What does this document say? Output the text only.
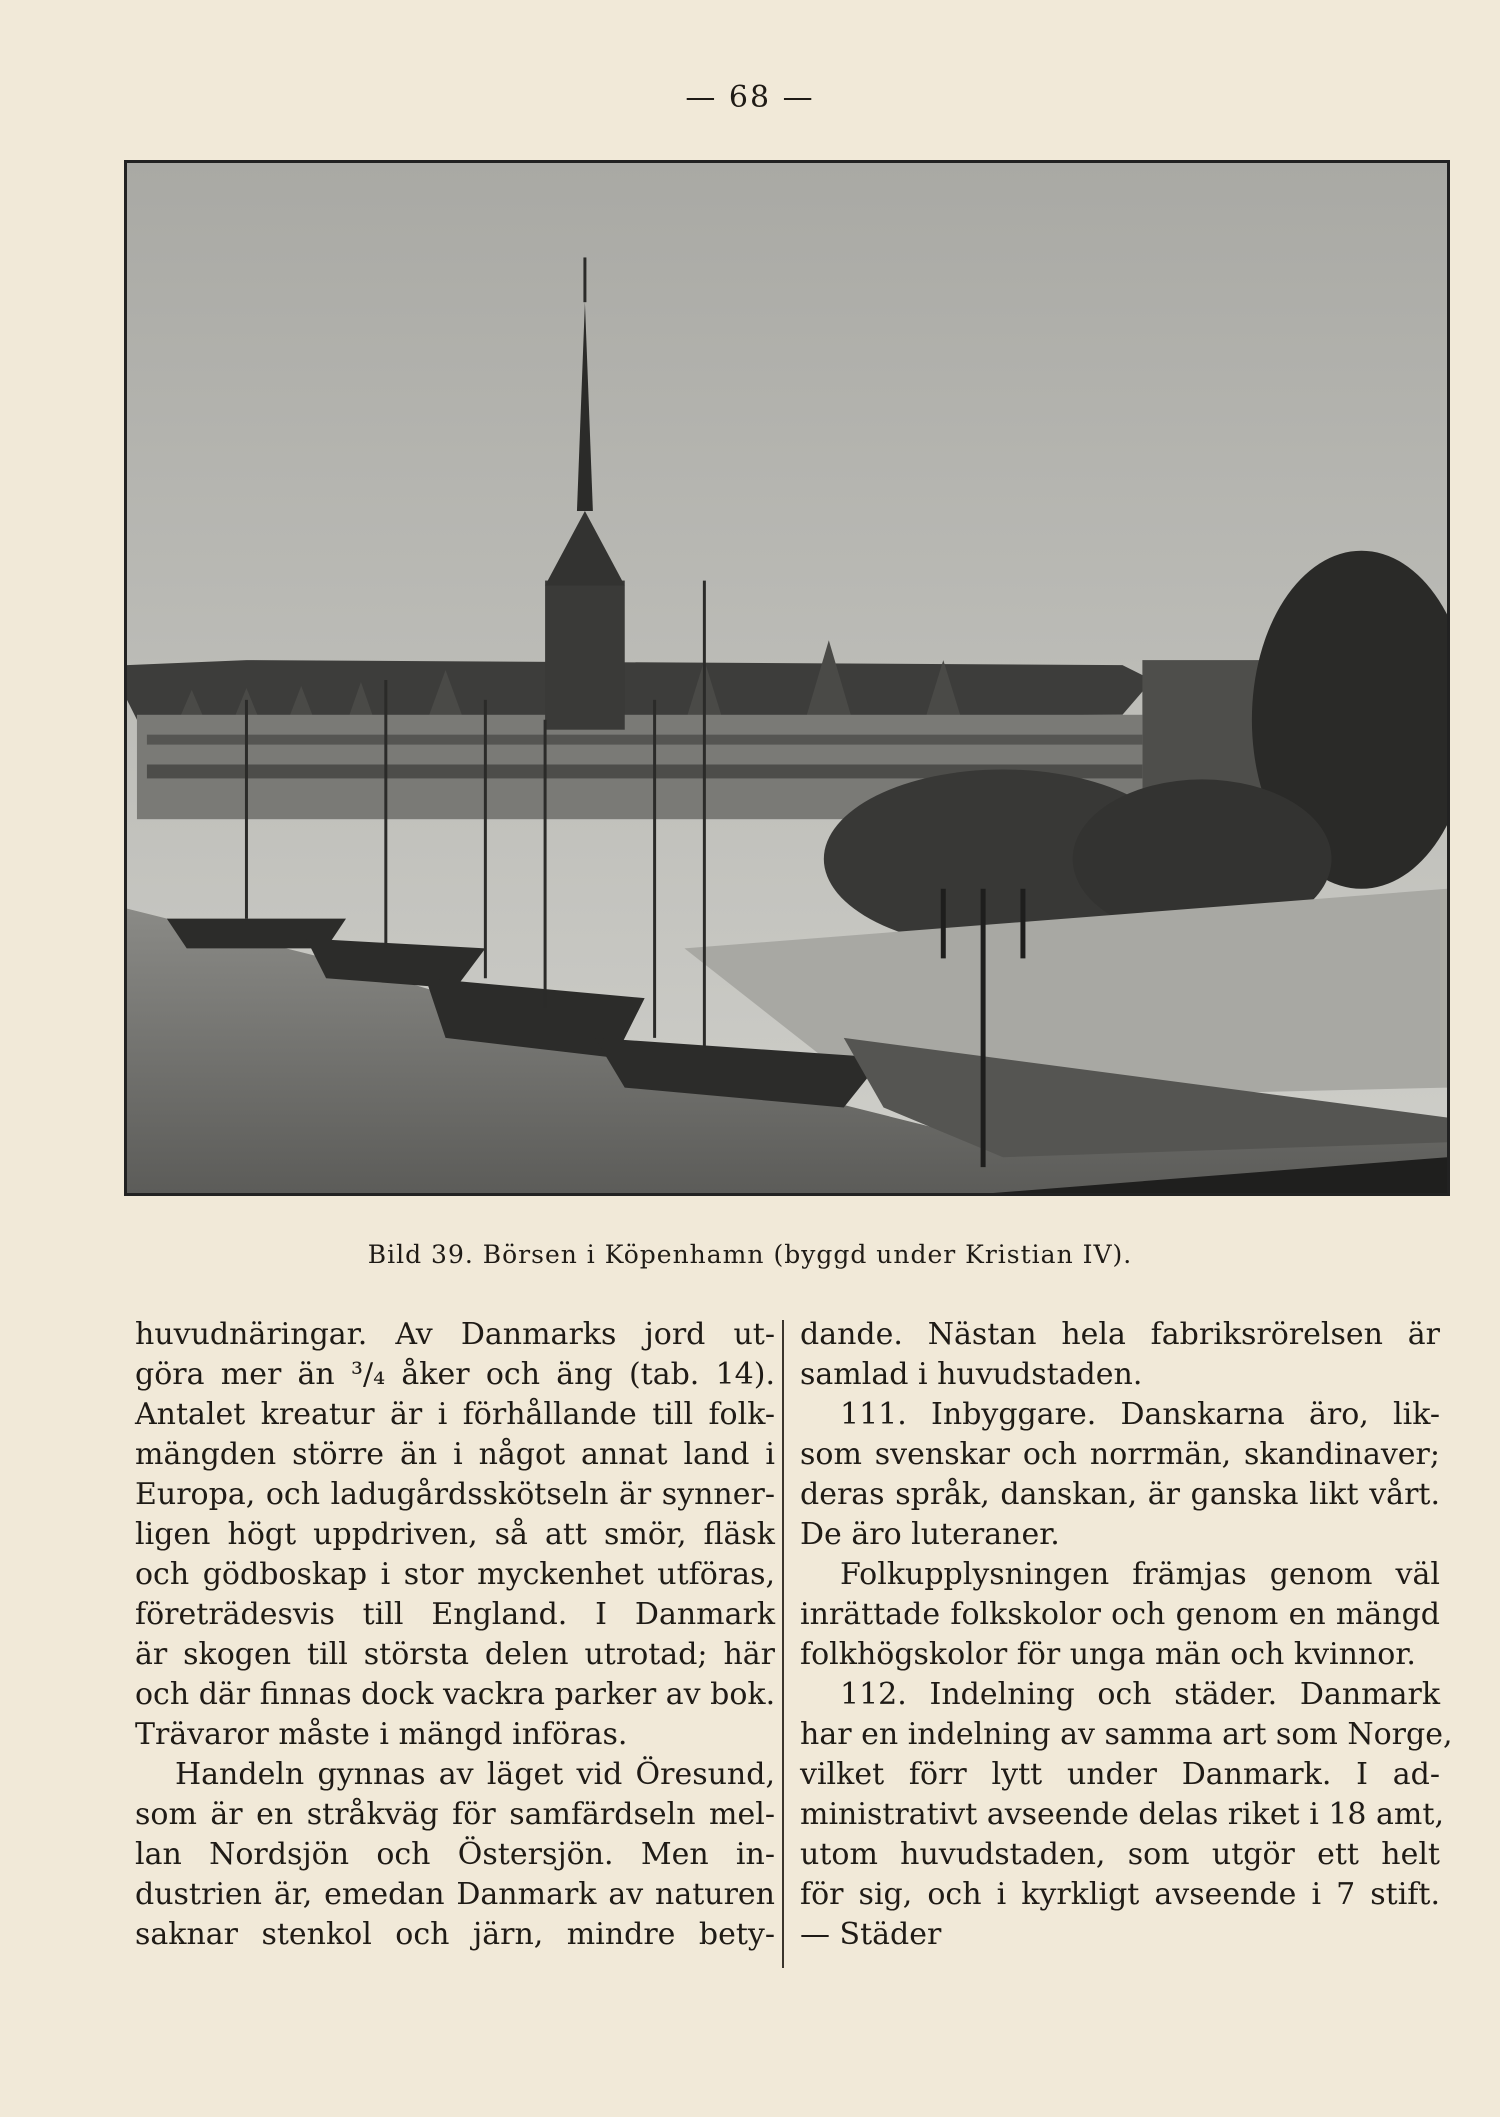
— 68 —
Bild 39. Börsen i Köpenhamn (byggd under Kristian IV).
huvudnäringar. Av Danmarks jord ut-
göra mer än ³/₄ åker och äng (tab. 14).
Antalet kreatur är i förhållande till folk-
mängden större än i något annat land i
Europa, och ladugårdsskötseln är synner-
ligen högt uppdriven, så att smör, fläsk
och gödboskap i stor myckenhet utföras,
företrädesvis till England. I Danmark
är skogen till största delen utrotad; här
och där finnas dock vackra parker av bok.
Trävaror måste i mängd införas.
Handeln gynnas av läget vid Öresund,
som är en stråkväg för samfärdseln mel-
lan Nordsjön och Östersjön. Men in-
dustrien är, emedan Danmark av naturen
saknar stenkol och järn, mindre bety-
dande. Nästan hela fabriksrörelsen är
samlad i huvudstaden.
111. Inbyggare. Danskarna äro, lik-
som svenskar och norrmän, skandinaver;
deras språk, danskan, är ganska likt vårt.
De äro luteraner.
Folkupplysningen främjas genom väl
inrättade folkskolor och genom en mängd
folkhögskolor för unga män och kvinnor.
112. Indelning och städer. Danmark
har en indelning av samma art som Norge,
vilket förr lytt under Danmark. I ad-
ministrativt avseende delas riket i 18 amt,
utom huvudstaden, som utgör ett helt
för sig, och i kyrkligt avseende i 7 stift.
— Städer
